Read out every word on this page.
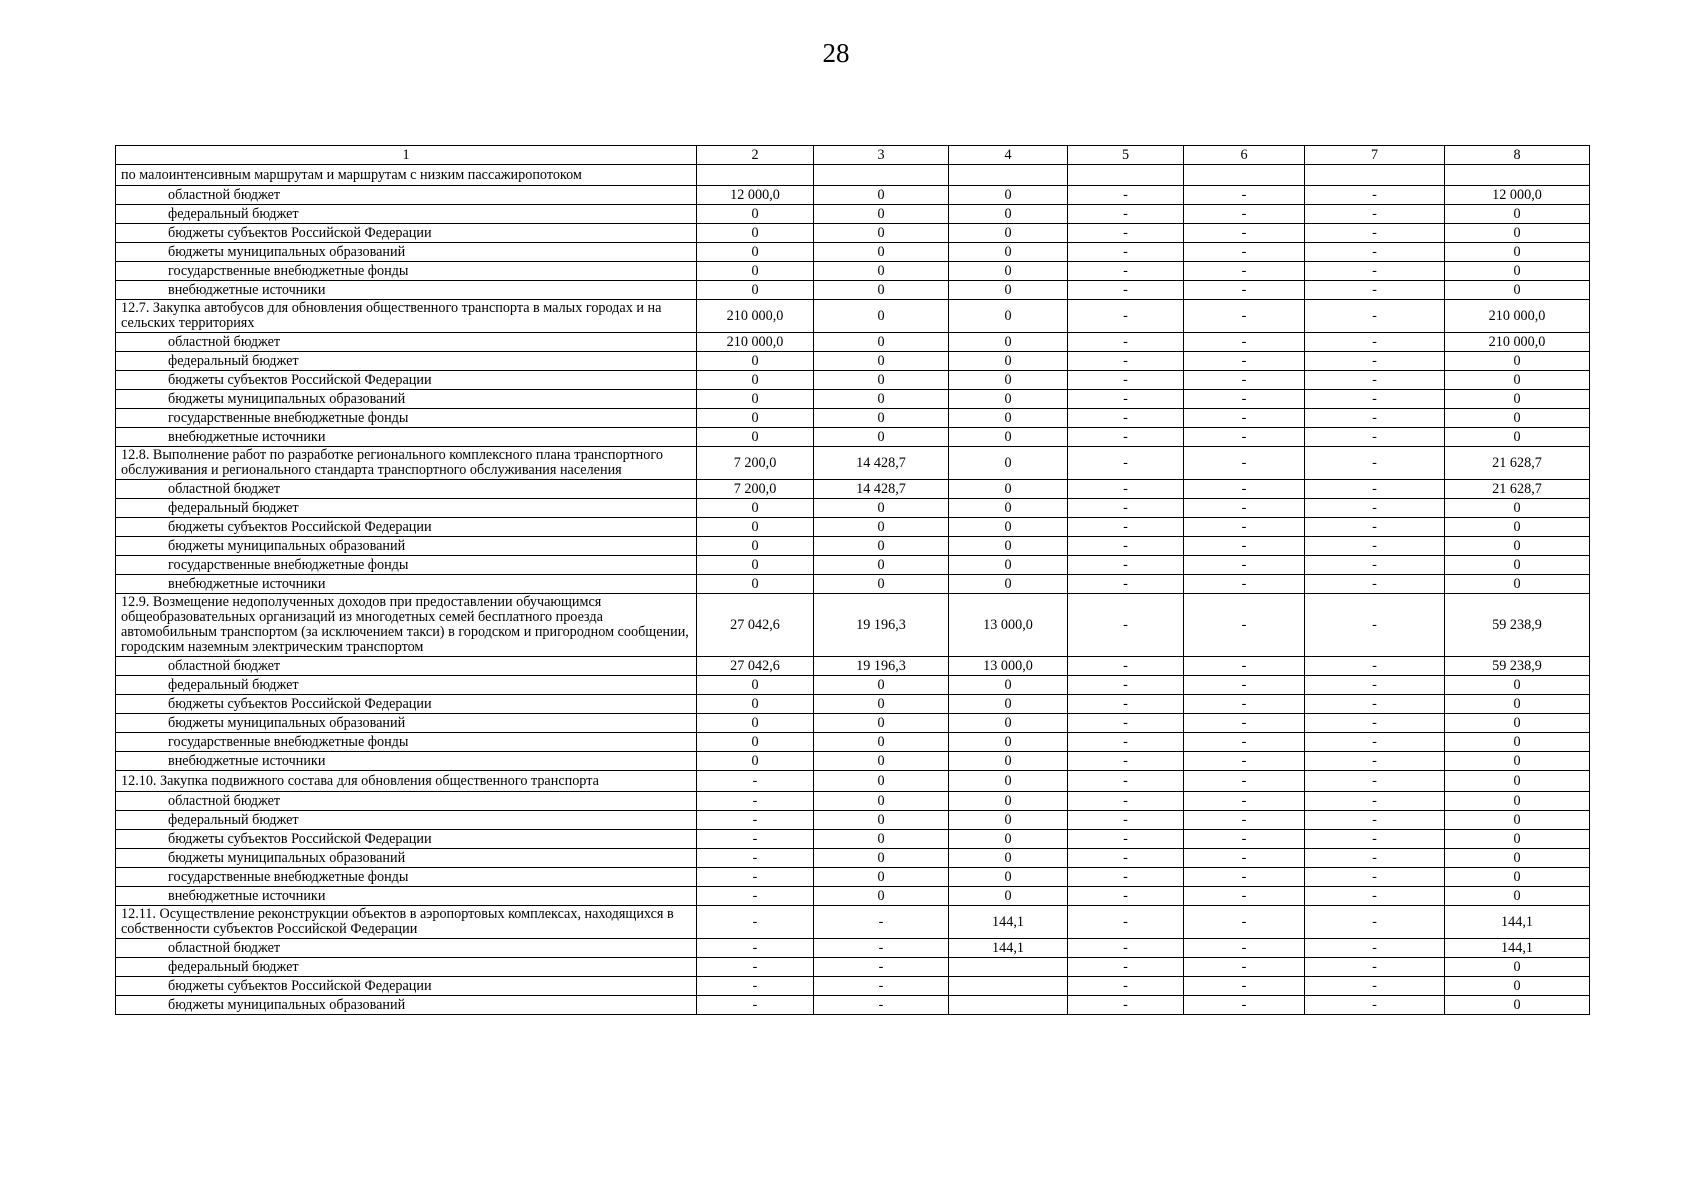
28
1	2	3	4	5	6	7	8
по малоинтенсивным маршрутам и маршрутам с низким пассажиропотоком							
областной бюджет	12 000,0	0	0	-	-	-	12 000,0
федеральный бюджет	0	0	0	-	-	-	0
бюджеты субъектов Российской Федерации	0	0	0	-	-	-	0
бюджеты муниципальных образований	0	0	0	-	-	-	0
государственные внебюджетные фонды	0	0	0	-	-	-	0
внебюджетные источники	0	0	0	-	-	-	0
12.7. Закупка автобусов для обновления общественного транспорта в малых городах и на сельских территориях	210 000,0	0	0	-	-	-	210 000,0
областной бюджет	210 000,0	0	0	-	-	-	210 000,0
федеральный бюджет	0	0	0	-	-	-	0
бюджеты субъектов Российской Федерации	0	0	0	-	-	-	0
бюджеты муниципальных образований	0	0	0	-	-	-	0
государственные внебюджетные фонды	0	0	0	-	-	-	0
внебюджетные источники	0	0	0	-	-	-	0
12.8. Выполнение работ по разработке регионального комплексного плана транспортного обслуживания и регионального стандарта транспортного обслуживания населения	7 200,0	14 428,7	0	-	-	-	21 628,7
областной бюджет	7 200,0	14 428,7	0	-	-	-	21 628,7
федеральный бюджет	0	0	0	-	-	-	0
бюджеты субъектов Российской Федерации	0	0	0	-	-	-	0
бюджеты муниципальных образований	0	0	0	-	-	-	0
государственные внебюджетные фонды	0	0	0	-	-	-	0
внебюджетные источники	0	0	0	-	-	-	0
12.9. Возмещение недополученных доходов при предоставлении обучающимся общеобразовательных организаций из многодетных семей бесплатного проезда автомобильным транспортом (за исключением такси) в городском и пригородном сообщении, городским наземным электрическим транспортом	27 042,6	19 196,3	13 000,0	-	-	-	59 238,9
областной бюджет	27 042,6	19 196,3	13 000,0	-	-	-	59 238,9
федеральный бюджет	0	0	0	-	-	-	0
бюджеты субъектов Российской Федерации	0	0	0	-	-	-	0
бюджеты муниципальных образований	0	0	0	-	-	-	0
государственные внебюджетные фонды	0	0	0	-	-	-	0
внебюджетные источники	0	0	0	-	-	-	0
12.10. Закупка подвижного состава для обновления общественного транспорта	-	0	0	-	-	-	0
областной бюджет	-	0	0	-	-	-	0
федеральный бюджет	-	0	0	-	-	-	0
бюджеты субъектов Российской Федерации	-	0	0	-	-	-	0
бюджеты муниципальных образований	-	0	0	-	-	-	0
государственные внебюджетные фонды	-	0	0	-	-	-	0
внебюджетные источники	-	0	0	-	-	-	0
12.11. Осуществление реконструкции объектов в аэропортовых комплексах, находящихся в собственности субъектов Российской Федерации	-	-	144,1	-	-	-	144,1
областной бюджет	-	-	144,1	-	-	-	144,1
федеральный бюджет	-	-		-	-	-	0
бюджеты субъектов Российской Федерации	-	-		-	-	-	0
бюджеты муниципальных образований	-	-		-	-	-	0
